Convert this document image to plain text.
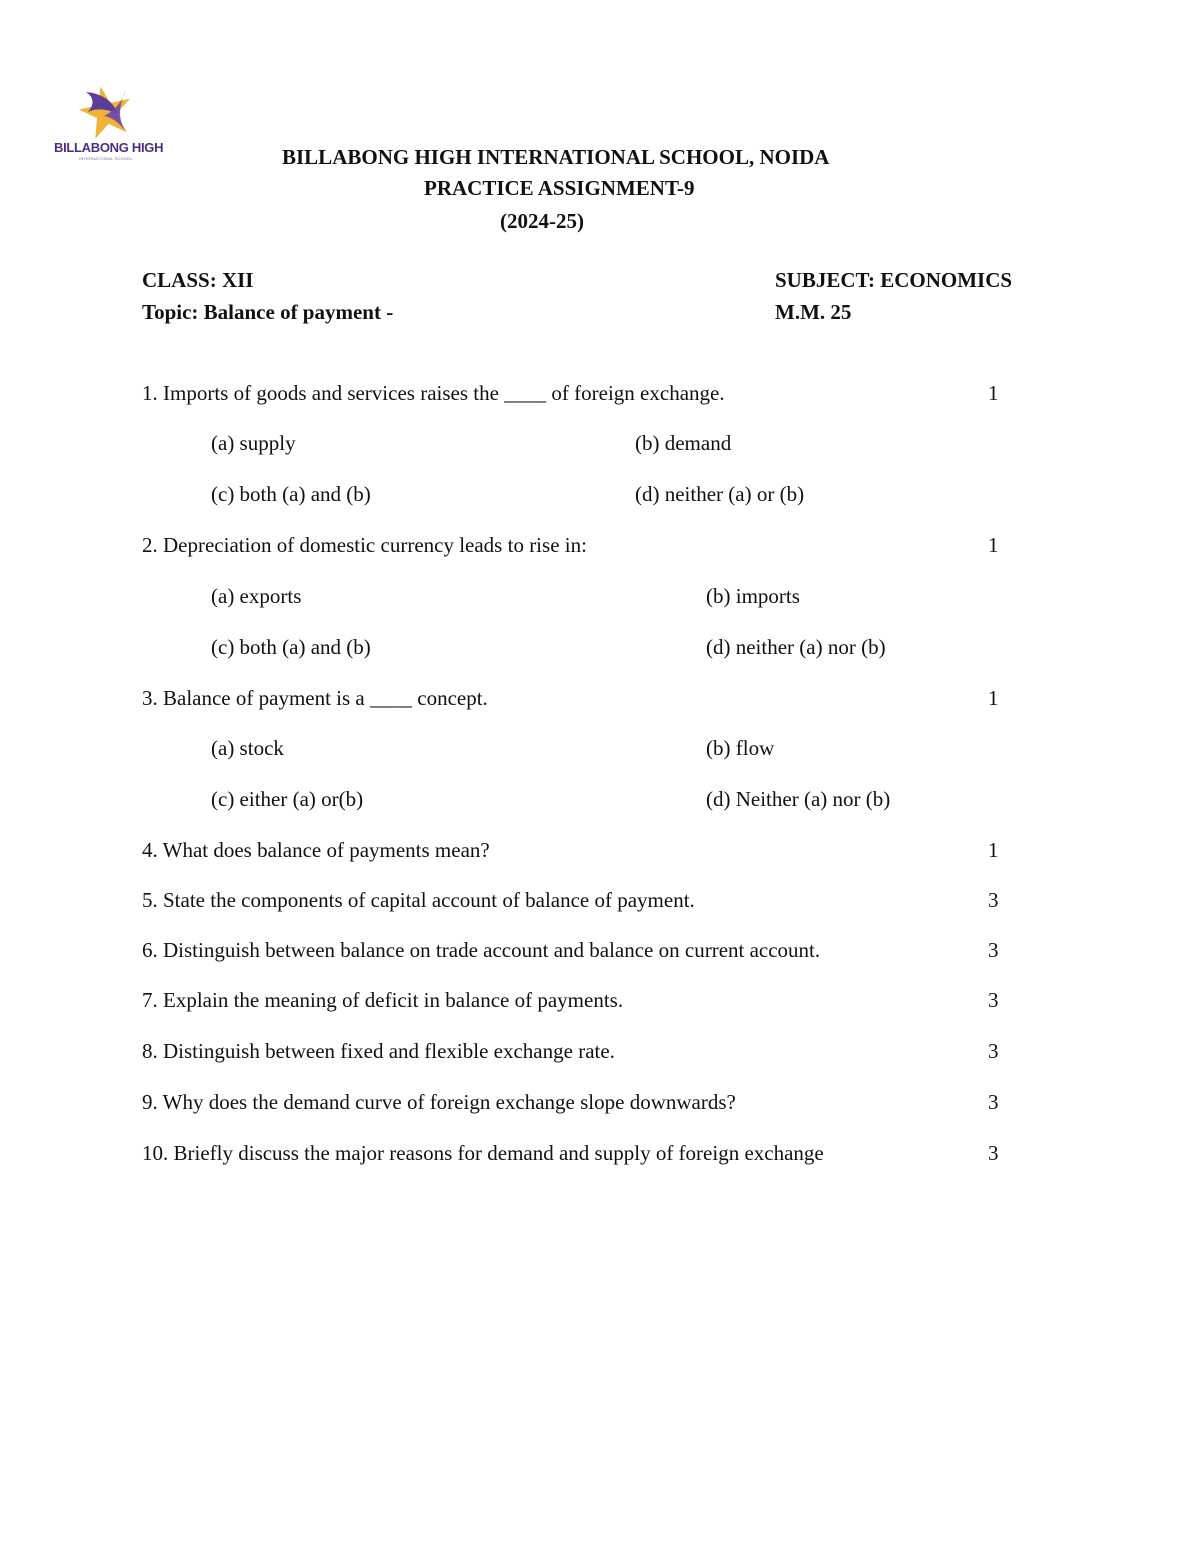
BILLABONG HIGH
INTERNATIONAL SCHOOL	BILLABONG HIGH INTERNATIONAL SCHOOL, NOIDA
PRACTICE ASSIGNMENT-9
(2024-25)
CLASS: XII
Topic: Balance of payment -
SUBJECT: ECONOMICS
M.M. 25
1. Imports of goods and services raises the ____ of foreign exchange.	1
(a) supply	(b) demand
(c) both (a) and (b)	(d) neither (a) or (b)
2. Depreciation of domestic currency leads to rise in:	1
(a) exports	(b) imports
(c) both (a) and (b)	(d) neither (a) nor (b)
3. Balance of payment is a ____ concept.	1
(a) stock	(b) flow
(c) either (a) or(b)	(d) Neither (a) nor (b)
4. What does balance of payments mean?	1
5. State the components of capital account of balance of payment.	3
6. Distinguish between balance on trade account and balance on current account.	3
7. Explain the meaning of deficit in balance of payments.	3
8. Distinguish between fixed and flexible exchange rate.	3
9. Why does the demand curve of foreign exchange slope downwards?	3
10. Briefly discuss the major reasons for demand and supply of foreign exchange	3
